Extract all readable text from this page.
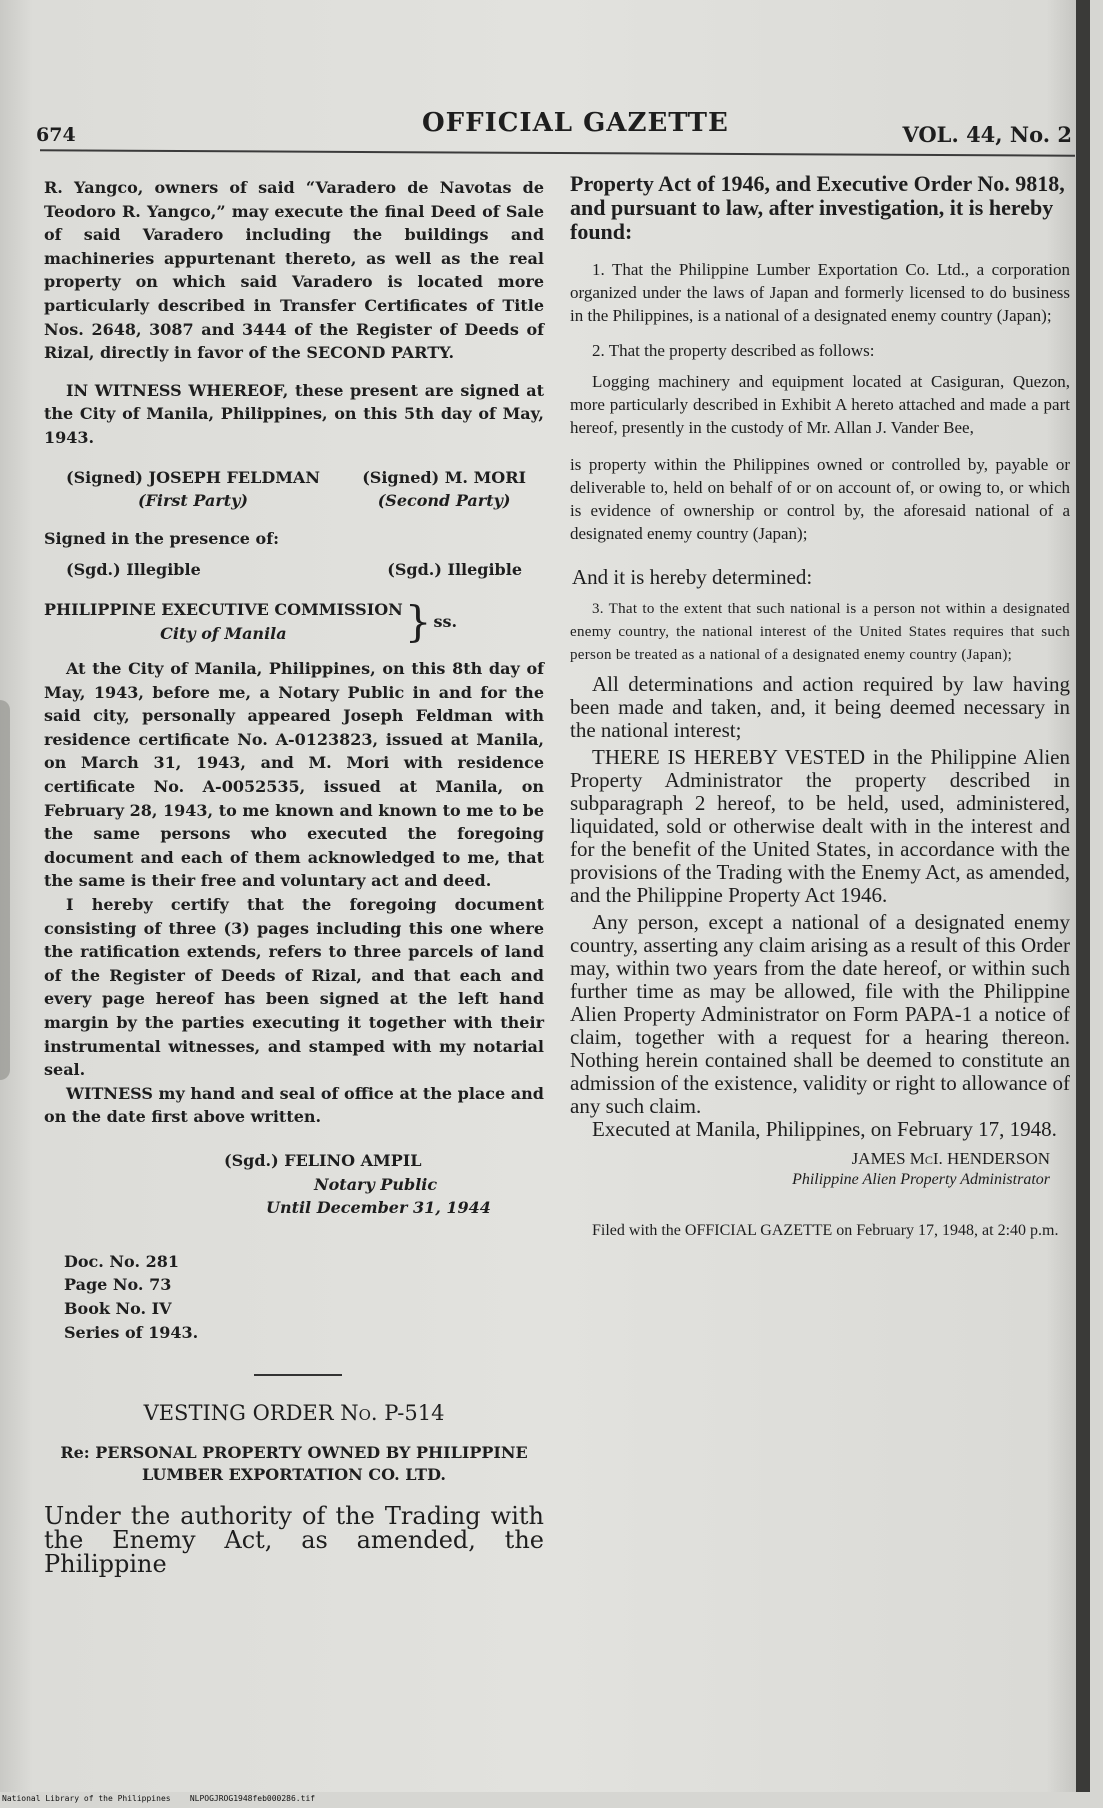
674	OFFICIAL GAZETTE	VOL. 44, No. 2

R. Yangco, owners of said “Varadero de Navotas de Teodoro R. Yangco,” may execute the final Deed of Sale of said Varadero including the buildings and machineries appurtenant thereto, as well as the real property on which said Varadero is located more particularly described in Transfer Certificates of Title Nos. 2648, 3087 and 3444 of the Register of Deeds of Rizal, directly in favor of the SECOND PARTY.

IN WITNESS WHEREOF, these present are signed at the City of Manila, Philippines, on this 5th day of May, 1943.

(Signed) JOSEPH FELDMAN
(First Party)
(Signed) M. MORI
(Second Party)

Signed in the presence of:

(Sgd.) Illegible	(Sgd.) Illegible
PHILIPPINE EXECUTIVE COMMISSION
City of Manila	} ss.

At the City of Manila, Philippines, on this 8th day of May, 1943, before me, a Notary Public in and for the said city, personally appeared Joseph Feldman with residence certificate No. A-0123823, issued at Manila, on March 31, 1943, and M. Mori with residence certificate No. A-0052535, issued at Manila, on February 28, 1943, to me known and known to me to be the same persons who executed the foregoing document and each of them acknowledged to me, that the same is their free and voluntary act and deed.

I hereby certify that the foregoing document consisting of three (3) pages including this one where the ratification extends, refers to three parcels of land of the Register of Deeds of Rizal, and that each and every page hereof has been signed at the left hand margin by the parties executing it together with their instrumental witnesses, and stamped with my notarial seal.

WITNESS my hand and seal of office at the place and on the date first above written.

(Sgd.) FELINO AMPIL
Notary Public
Until December 31, 1944
Doc. No. 281
Page No. 73
Book No. IV
Series of 1943.
VESTING ORDER No. P-514
Re: PERSONAL PROPERTY OWNED BY PHILIPPINE LUMBER EXPORTATION CO. LTD.

Under the authority of the Trading with the Enemy Act, as amended, the Philippine

Property Act of 1946, and Executive Order No. 9818, and pursuant to law, after investigation, it is hereby found:

1. That the Philippine Lumber Exportation Co. Ltd., a corporation organized under the laws of Japan and formerly licensed to do business in the Philippines, is a national of a designated enemy country (Japan);

2. That the property described as follows:

Logging machinery and equipment located at Casiguran, Quezon, more particularly described in Exhibit A hereto attached and made a part hereof, presently in the custody of Mr. Allan J. Vander Bee,

is property within the Philippines owned or controlled by, payable or deliverable to, held on behalf of or on account of, or owing to, or which is evidence of ownership or control by, the aforesaid national of a designated enemy country (Japan);

And it is hereby determined:

3. That to the extent that such national is a person not within a designated enemy country, the national interest of the United States requires that such person be treated as a national of a designated enemy country (Japan);

All determinations and action required by law having been made and taken, and, it being deemed necessary in the national interest;

THERE IS HEREBY VESTED in the Philippine Alien Property Administrator the property described in subparagraph 2 hereof, to be held, used, administered, liquidated, sold or otherwise dealt with in the interest and for the benefit of the United States, in accordance with the provisions of the Trading with the Enemy Act, as amended, and the Philippine Property Act 1946.

Any person, except a national of a designated enemy country, asserting any claim arising as a result of this Order may, within two years from the date hereof, or within such further time as may be allowed, file with the Philippine Alien Property Administrator on Form PAPA-1 a notice of claim, together with a request for a hearing thereon. Nothing herein contained shall be deemed to constitute an admission of the existence, validity or right to allowance of any such claim.

Executed at Manila, Philippines, on February 17, 1948.

JAMES McI. HENDERSON
Philippine Alien Property Administrator

Filed with the OFFICIAL GAZETTE on February 17, 1948, at 2:40 p.m.

National Library of the Philippines NLPOGJROG1948feb000286.tif
